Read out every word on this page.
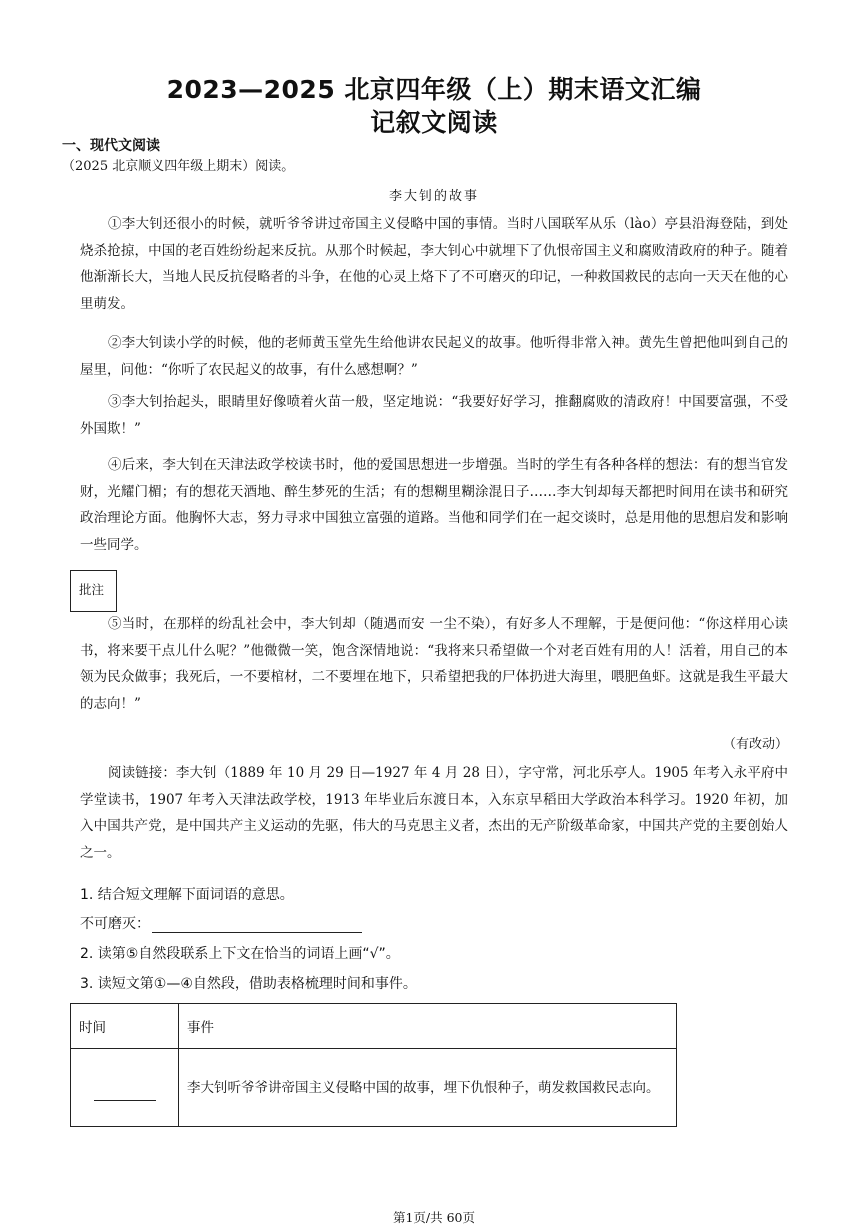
2023—2025 北京四年级（上）期末语文汇编
记叙文阅读
一、现代文阅读
（2025 北京顺义四年级上期末）阅读。
李大钊的故事

①李大钊还很小的时候，就听爷爷讲过帝国主义侵略中国的事情。当时八国联军从乐（lào）亭县沿海登陆，到处烧杀抢掠，中国的老百姓纷纷起来反抗。从那个时候起，李大钊心中就埋下了仇恨帝国主义和腐败清政府的种子。随着他渐渐长大，当地人民反抗侵略者的斗争，在他的心灵上烙下了不可磨灭的印记，一种救国救民的志向一天天在他的心里萌发。

②李大钊读小学的时候，他的老师黄玉堂先生给他讲农民起义的故事。他听得非常入神。黄先生曾把他叫到自己的屋里，问他：“你听了农民起义的故事，有什么感想啊？”

③李大钊抬起头，眼睛里好像喷着火苗一般，坚定地说：“我要好好学习，推翻腐败的清政府！中国要富强，不受外国欺！”

④后来，李大钊在天津法政学校读书时，他的爱国思想进一步增强。当时的学生有各种各样的想法：有的想当官发财，光耀门楣；有的想花天酒地、醉生梦死的生活；有的想糊里糊涂混日子……李大钊却每天都把时间用在读书和研究政治理论方面。他胸怀大志，努力寻求中国独立富强的道路。当他和同学们在一起交谈时，总是用他的思想启发和影响一些同学。

批注

⑤当时，在那样的纷乱社会中，李大钊却（随遇而安 一尘不染），有好多人不理解，于是便问他：“你这样用心读书，将来要干点儿什么呢？”他微微一笑，饱含深情地说：“我将来只希望做一个对老百姓有用的人！活着，用自己的本领为民众做事；我死后，一不要棺材，二不要埋在地下，只希望把我的尸体扔进大海里，喂肥鱼虾。这就是我生平最大的志向！”

（有改动）

阅读链接：李大钊（1889 年 10 月 29 日—1927 年 4 月 28 日），字守常，河北乐亭人。1905 年考入永平府中学堂读书，1907 年考入天津法政学校，1913 年毕业后东渡日本，入东京早稻田大学政治本科学习。1920 年初，加入中国共产党，是中国共产主义运动的先驱，伟大的马克思主义者，杰出的无产阶级革命家，中国共产党的主要创始人之一。

1. 结合短文理解下面词语的意思。
不可磨灭：
2. 读第⑤自然段联系上下文在恰当的词语上画“√”。
3. 读短文第①—④自然段，借助表格梳理时间和事件。
时间	事件

	李大钊听爷爷讲帝国主义侵略中国的故事，埋下仇恨种子，萌发救国救民志向。
第1页/共 60页
